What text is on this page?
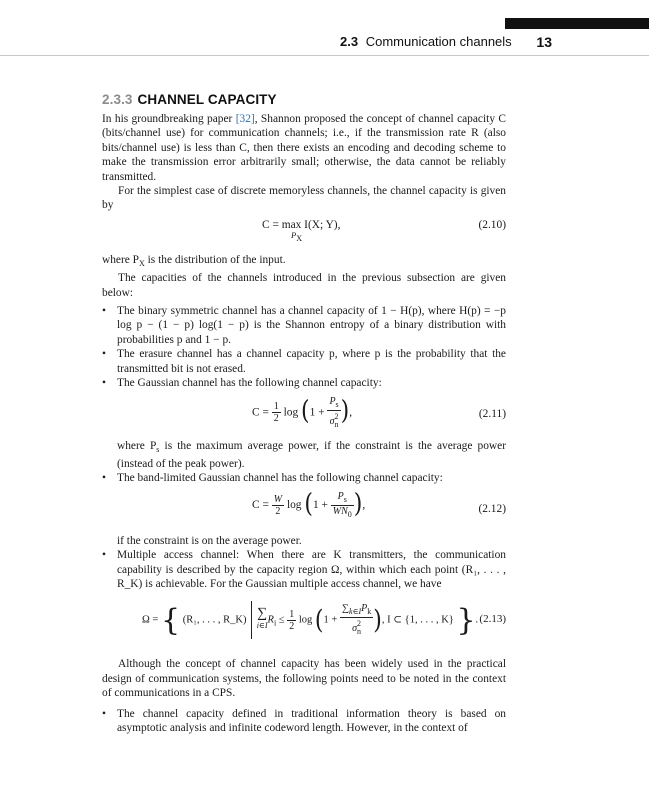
2.3 Communication channels 13
2.3.3 CHANNEL CAPACITY

In his groundbreaking paper [32], Shannon proposed the concept of channel capacity C (bits/channel use) for communication channels; i.e., if the transmission rate R (also bits/channel use) is less than C, then there exists an encoding and decoding scheme to make the transmission error arbitrarily small; otherwise, the data cannot be reliably transmitted.

For the simplest case of discrete memoryless channels, the channel capacity is given by

C = max I(X; Y),
PX
(2.10)

where $P_X$ is the distribution of the input.

The capacities of the channels introduced in the previous subsection are given below:

• The binary symmetric channel has a channel capacity of 1 − H(p), where H(p) = −p log p − (1 − p) log(1 − p) is the Shannon entropy of a binary distribution with probabilities p and 1 − p.
• The erasure channel has a channel capacity p, where p is the probability that the transmitted bit is not erased.
• The Gaussian channel has the following channel capacity:
$C = \frac{1}{2}$ $\log (1 + \frac{P_s}{\sigma^2_n}$ ),	(2.11)
where $P_s$ is the maximum average power, if the constraint is the average power (instead of the peak power).
• The band-limited Gaussian channel has the following channel capacity:
$C = \frac{W}{2}$ $\log (1 + \frac{P_s}{WN_0}$ ),	(2.12)
if the constraint is on the average power.
• Multiple access channel: When there are K transmitters, the communication capability is described by the capacity region Ω, within which each point (R₁, . . . , R_K) is achievable. For the Gaussian multiple access channel, we have
Ω = { (R₁, . . . , R_K) ∑
i∈I
$R_i \le \frac{1}{2}$ $\log (1 + \frac{\sum_{k\in I}P_k}{\sigma^2_n}$ ), I ⊂ {1, . . . , K} }. (2.13)

Although the concept of channel capacity has been widely used in the practical design of communication systems, the following points need to be noted in the context of communications in a CPS.

• The channel capacity defined in traditional information theory is based on asymptotic analysis and infinite codeword length. However, in the context of
